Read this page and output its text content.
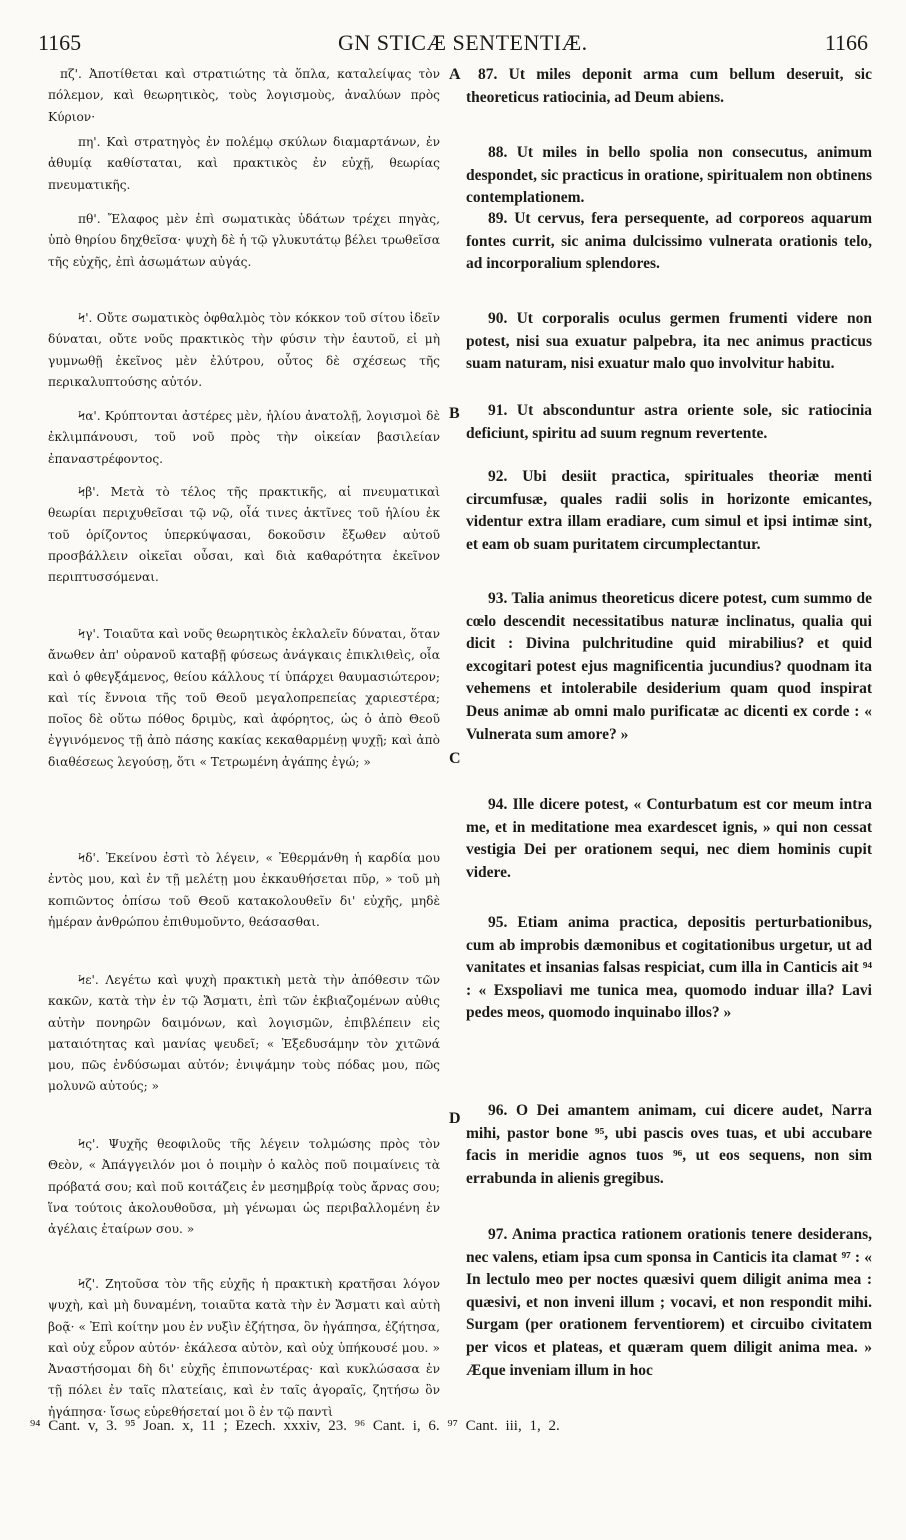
1165	GN STICÆ SENTENTIÆ.	1166
πζ'. Ἀποτίθεται καὶ στρατιώτης τὰ ὅπλα, καταλείψας τὸν πόλεμον, καὶ θεωρητικὸς, τοὺς λογισμοὺς, ἀναλύων πρὸς Κύριον·
πη'. Καὶ στρατηγὸς ἐν πολέμῳ σκύλων διαμαρτάνων, ἐν ἀθυμίᾳ καθίσταται, καὶ πρακτικὸς ἐν εὐχῇ, θεωρίας πνευματικῆς.
πθ'. Ἔλαφος μὲν ἐπὶ σωματικὰς ὑδάτων τρέχει πηγὰς, ὑπὸ θηρίου δηχθεῖσα· ψυχὴ δὲ ἡ τῷ γλυκυτάτῳ βέλει τρωθεῖσα τῆς εὐχῆς, ἐπὶ ἀσωμάτων αὐγάς.
Ϟ'. Οὔτε σωματικὸς ὀφθαλμὸς τὸν κόκκον τοῦ σίτου ἰδεῖν δύναται, οὔτε νοῦς πρακτικὸς τὴν φύσιν τὴν ἑαυτοῦ, εἰ μὴ γυμνωθῇ ἐκεῖνος μὲν ἐλύτρου, οὗτος δὲ σχέσεως τῆς περικαλυπτούσης αὐτόν.
Ϟα'. Κρύπτονται ἀστέρες μὲν, ἡλίου ἀνατολῇ, λογισμοὶ δὲ ἐκλιμπάνουσι, τοῦ νοῦ πρὸς τὴν οἰκείαν βασιλείαν ἐπαναστρέφοντος.
Ϟβ'. Μετὰ τὸ τέλος τῆς πρακτικῆς, αἱ πνευματικαὶ θεωρίαι περιχυθεῖσαι τῷ νῷ, οἷά τινες ἀκτῖνες τοῦ ἡλίου ἐκ τοῦ ὁρίζοντος ὑπερκύψασαι, δοκοῦσιν ἔξωθεν αὐτοῦ προσβάλλειν οἰκεῖαι οὖσαι, καὶ διὰ καθαρότητα ἐκεῖνον περιπτυσσόμεναι.
Ϟγ'. Τοιαῦτα καὶ νοῦς θεωρητικὸς ἐκλαλεῖν δύναται, ὅταν ἄνωθεν ἀπ' οὐρανοῦ καταβῇ φύσεως ἀνάγκαις ἐπικλιθεὶς, οἷα καὶ ὁ φθεγξάμενος, θείου κάλλους τί ὑπάρχει θαυμασιώτερον; καὶ τίς ἔννοια τῆς τοῦ Θεοῦ μεγαλοπρεπείας χαριεστέρα; ποῖος δὲ οὕτω πόθος δριμὺς, καὶ ἀφόρητος, ὡς ὁ ἀπὸ Θεοῦ ἐγγινόμενος τῇ ἀπὸ πάσης κακίας κεκαθαρμένῃ ψυχῇ; καὶ ἀπὸ διαθέσεως λεγούσῃ, ὅτι « Τετρωμένη ἀγάπης ἐγώ; »
Ϟδ'. Ἐκείνου ἐστὶ τὸ λέγειν, « Ἐθερμάνθη ἡ καρδία μου ἐντὸς μου, καὶ ἐν τῇ μελέτῃ μου ἐκκαυθήσεται πῦρ, » τοῦ μὴ κοπιῶντος ὀπίσω τοῦ Θεοῦ κατακολουθεῖν δι' εὐχῆς, μηδὲ ἡμέραν ἀνθρώπου ἐπιθυμοῦντο, θεάσασθαι.
Ϟε'. Λεγέτω καὶ ψυχὴ πρακτικὴ μετὰ τὴν ἀπόθεσιν τῶν κακῶν, κατὰ τὴν ἐν τῷ Ἄσματι, ἐπὶ τῶν ἐκβιαζομένων αὐθις αὐτὴν πονηρῶν δαιμόνων, καὶ λογισμῶν, ἐπιβλέπειν εἰς ματαιότητας καὶ μανίας ψευδεῖ; « Ἐξεδυσάμην τὸν χιτῶνά μου, πῶς ἐνδύσωμαι αὐτόν; ἐνιψάμην τοὺς πόδας μου, πῶς μολυνῶ αὐτούς; »
Ϟς'. Ψυχῆς θεοφιλοῦς τῆς λέγειν τολμώσης πρὸς τὸν Θεὸν, « Ἀπάγγειλόν μοι ὁ ποιμὴν ὁ καλὸς ποῦ ποιμαίνεις τὰ πρόβατά σου; καὶ ποῦ κοιτάζεις ἐν μεσημβρίᾳ τοὺς ἄρνας σου; ἵνα τούτοις ἀκολουθοῦσα, μὴ γένωμαι ὡς περιβαλλομένη ἐν ἀγέλαις ἑταίρων σου. »
Ϟζ'. Ζητοῦσα τὸν τῆς εὐχῆς ἡ πρακτικὴ κρατῆσαι λόγον ψυχὴ, καὶ μὴ δυναμένη, τοιαῦτα κατὰ τὴν ἐν Ἄσματι καὶ αὐτὴ βοᾷ· « Ἐπὶ κοίτην μου ἐν νυξὶν ἐζήτησα, ὃν ἠγάπησα, ἐζήτησα, καὶ οὐχ εὗρον αὐτόν· ἐκάλεσα αὐτὸν, καὶ οὐχ ὑπήκουσέ μου. » Ἀναστήσομαι δὴ δι' εὐχῆς ἐπιπονωτέρας· καὶ κυκλώσασα ἐν τῇ πόλει ἐν ταῖς πλατείαις, καὶ ἐν ταῖς ἀγοραῖς, ζητήσω ὃν ἠγάπησα· ἴσως εὑρεθήσεταί μοι ὃ ἐν τῷ παντὶ
A
B
C
D
87. Ut miles deponit arma cum bellum deseruit, sic theoreticus ratiocinia, ad Deum abiens.
88. Ut miles in bello spolia non consecutus, animum despondet, sic practicus in oratione, spiritualem non obtinens contemplationem.
89. Ut cervus, fera persequente, ad corporeos aquarum fontes currit, sic anima dulcissimo vulnerata orationis telo, ad incorporalium splendores.
90. Ut corporalis oculus germen frumenti videre non potest, nisi sua exuatur palpebra, ita nec animus practicus suam naturam, nisi exuatur malo quo involvitur habitu.
91. Ut absconduntur astra oriente sole, sic ratiocinia deficiunt, spiritu ad suum regnum revertente.
92. Ubi desiit practica, spirituales theoriæ menti circumfusæ, quales radii solis in horizonte emicantes, videntur extra illam eradiare, cum simul et ipsi intimæ sint, et eam ob suam puritatem circumplectantur.
93. Talia animus theoreticus dicere potest, cum summo de cœlo descendit necessitatibus naturæ inclinatus, qualia qui dicit : Divina pulchritudine quid mirabilius? et quid excogitari potest ejus magnificentia jucundius? quodnam ita vehemens et intolerabile desiderium quam quod inspirat Deus animæ ab omni malo purificatæ ac dicenti ex corde : « Vulnerata sum amore? »
94. Ille dicere potest, « Conturbatum est cor meum intra me, et in meditatione mea exardescet ignis, » qui non cessat vestigia Dei per orationem sequi, nec diem hominis cupit videre.
95. Etiam anima practica, depositis perturbationibus, cum ab improbis dæmonibus et cogitationibus urgetur, ut ad vanitates et insanias falsas respiciat, cum illa in Canticis ait ⁹⁴ : « Exspoliavi me tunica mea, quomodo induar illa? Lavi pedes meos, quomodo inquinabo illos? »
96. O Dei amantem animam, cui dicere audet, Narra mihi, pastor bone ⁹⁵, ubi pascis oves tuas, et ubi accubare facis in meridie agnos tuos ⁹⁶, ut eos sequens, non sim errabunda in alienis gregibus.
97. Anima practica rationem orationis tenere desiderans, nec valens, etiam ipsa cum sponsa in Canticis ita clamat ⁹⁷ : « In lectulo meo per noctes quæsivi quem diligit anima mea : quæsivi, et non inveni illum ; vocavi, et non respondit mihi. Surgam (per orationem ferventiorem) et circuibo civitatem per vicos et plateas, et quæram quem diligit anima mea. » Æque inveniam illum in hoc
⁹⁴ Cant. v, 3. ⁹⁵ Joan. x, 11 ; Ezech. xxxiv, 23. ⁹⁶ Cant. i, 6. ⁹⁷ Cant. iii, 1, 2.
